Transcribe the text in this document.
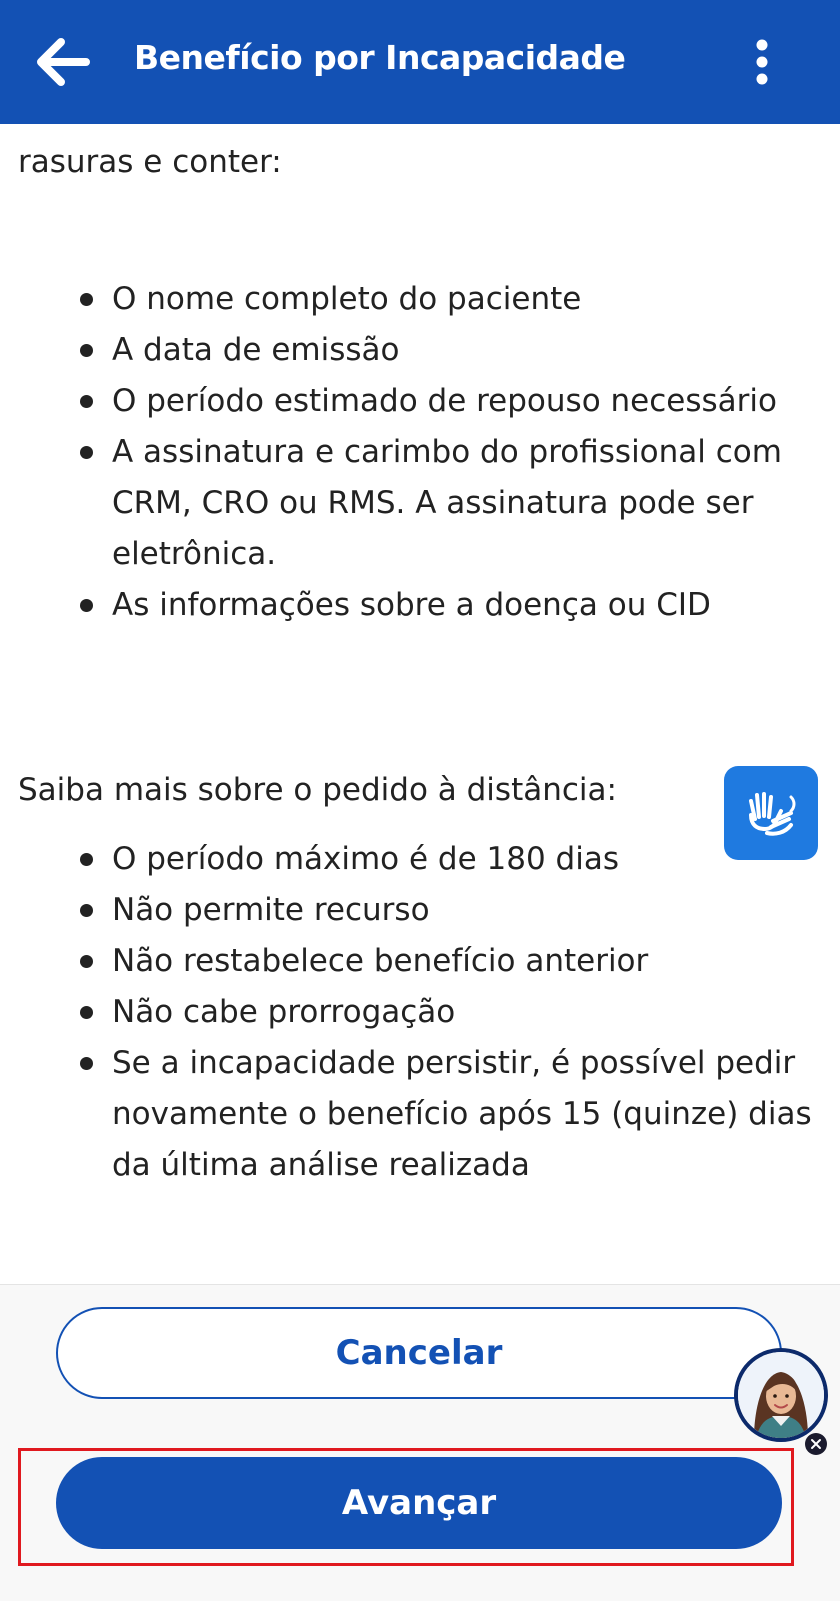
Benefício por Incapacidade

rasuras e conter:

O nome completo do paciente
A data de emissão
O período estimado de repouso necessário
A assinatura e carimbo do profissional com CRM, CRO ou RMS. A assinatura pode ser eletrônica.
As informações sobre a doença ou CID

Saiba mais sobre o pedido à distância:

O período máximo é de 180 dias
Não permite recurso
Não restabelece benefício anterior
Não cabe prorrogação
Se a incapacidade persistir, é possível pedir novamente o benefício após 15 (quinze) dias da última análise realizada
Cancelar
Avançar
